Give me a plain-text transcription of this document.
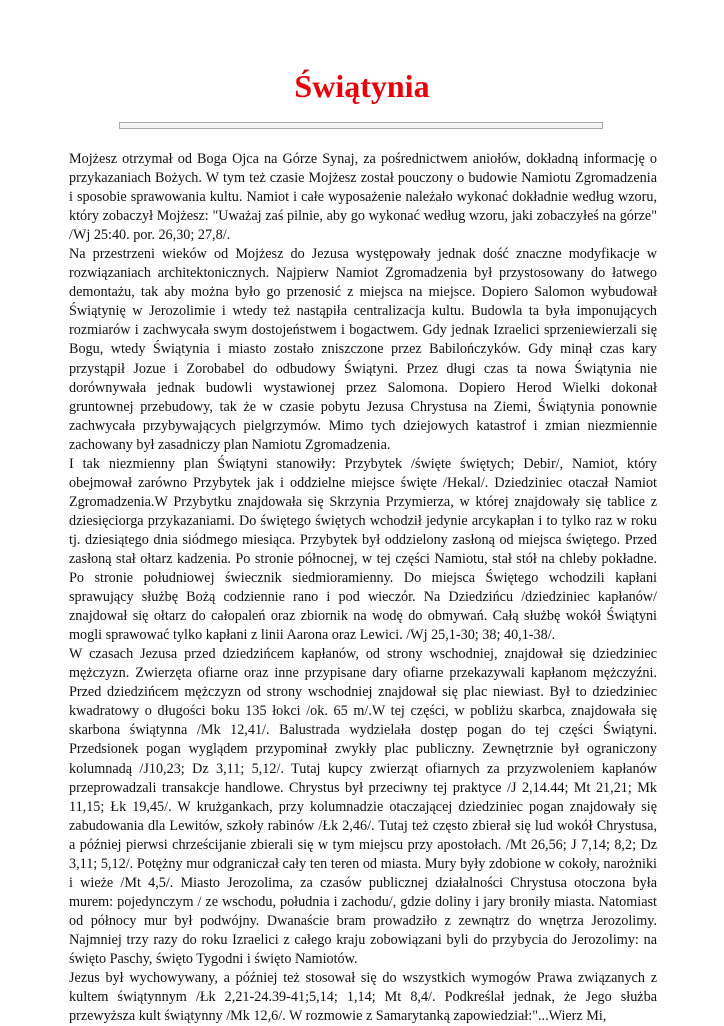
Świątynia

Mojżesz otrzymał od Boga Ojca na Górze Synaj, za pośrednictwem aniołów, dokładną informację o przykazaniach Bożych. W tym też czasie Mojżesz został pouczony o budowie Namiotu Zgromadzenia i sposobie sprawowania kultu. Namiot i całe wyposażenie należało wykonać dokładnie według wzoru, który zobaczył Mojżesz: "Uważaj zaś pilnie, aby go wykonać według wzoru, jaki zobaczyłeś na górze" /Wj 25:40. por. 26,30; 27,8/.

Na przestrzeni wieków od Mojżesz do Jezusa występowały jednak dość znaczne modyfikacje w rozwiązaniach architektonicznych. Najpierw Namiot Zgromadzenia był przystosowany do łatwego demontażu, tak aby można było go przenosić z miejsca na miejsce. Dopiero Salomon wybudował Świątynię w Jerozolimie i wtedy też nastąpiła centralizacja kultu. Budowla ta była imponujących rozmiarów i zachwycała swym dostojeństwem i bogactwem. Gdy jednak Izraelici sprzeniewierzali się Bogu, wtedy Świątynia i miasto zostało zniszczone przez Babilończyków. Gdy minął czas kary przystąpił Jozue i Zorobabel do odbudowy Świątyni. Przez długi czas ta nowa Świątynia nie dorównywała jednak budowli wystawionej przez Salomona. Dopiero Herod Wielki dokonał gruntownej przebudowy, tak że w czasie pobytu Jezusa Chrystusa na Ziemi, Świątynia ponownie zachwycała przybywających pielgrzymów. Mimo tych dziejowych katastrof i zmian niezmiennie zachowany był zasadniczy plan Namiotu Zgromadzenia.

I tak niezmienny plan Świątyni stanowiły: Przybytek /święte świętych; Debir/, Namiot, który obejmował zarówno Przybytek jak i oddzielne miejsce święte /Hekal/. Dziedziniec otaczał Namiot Zgromadzenia.W Przybytku znajdowała się Skrzynia Przymierza, w której znajdowały się tablice z dziesięciorga przykazaniami. Do świętego świętych wchodził jedynie arcykapłan i to tylko raz w roku tj. dziesiątego dnia siódmego miesiąca. Przybytek był oddzielony zasłoną od miejsca świętego. Przed zasłoną stał ołtarz kadzenia. Po stronie północnej, w tej części Namiotu, stał stół na chleby pokładne. Po stronie południowej świecznik siedmioramienny. Do miejsca Świętego wchodzili kapłani sprawujący służbę Bożą codziennie rano i pod wieczór. Na Dziedzińcu /dziedziniec kapłanów/ znajdował się ołtarz do całopaleń oraz zbiornik na wodę do obmywań. Całą służbę wokół Świątyni mogli sprawować tylko kapłani z linii Aarona oraz Lewici. /Wj 25,1-30; 38; 40,1-38/.

W czasach Jezusa przed dziedzińcem kapłanów, od strony wschodniej, znajdował się dziedziniec mężczyzn. Zwierzęta ofiarne oraz inne przypisane dary ofiarne przekazywali kapłanom mężczyźni. Przed dziedzińcem mężczyzn od strony wschodniej znajdował się plac niewiast. Był to dziedziniec kwadratowy o długości boku 135 łokci /ok. 65 m/.W tej części, w pobliżu skarbca, znajdowała się skarbona świątynna /Mk 12,41/. Balustrada wydzielała dostęp pogan do tej części Świątyni. Przedsionek pogan wyglądem przypominał zwykły plac publiczny. Zewnętrznie był ograniczony kolumnadą /J10,23; Dz 3,11; 5,12/. Tutaj kupcy zwierząt ofiarnych za przyzwoleniem kapłanów przeprowadzali transakcje handlowe. Chrystus był przeciwny tej praktyce /J 2,14.44; Mt 21,21; Mk 11,15; Łk 19,45/. W krużgankach, przy kolumnadzie otaczającej dziedziniec pogan znajdowały się zabudowania dla Lewitów, szkoły rabinów /Łk 2,46/. Tutaj też często zbierał się lud wokół Chrystusa, a później pierwsi chrześcijanie zbierali się w tym miejscu przy apostołach. /Mt 26,56; J 7,14; 8,2; Dz 3,11; 5,12/. Potężny mur odgraniczał cały ten teren od miasta. Mury były zdobione w cokoły, narożniki i wieże /Mt 4,5/. Miasto Jerozolima, za czasów publicznej działalności Chrystusa otoczona była murem: pojedynczym / ze wschodu, południa i zachodu/, gdzie doliny i jary broniły miasta. Natomiast od północy mur był podwójny. Dwanaście bram prowadziło z zewnątrz do wnętrza Jerozolimy. Najmniej trzy razy do roku Izraelici z całego kraju zobowiązani byli do przybycia do Jerozolimy: na święto Paschy, święto Tygodni i święto Namiotów.

Jezus był wychowywany, a później też stosował się do wszystkich wymogów Prawa związanych z kultem świątynnym /Łk 2,21-24.39-41;5,14; 1,14; Mt 8,4/. Podkreślał jednak, że Jego służba przewyższa kult świątynny /Mk 12,6/. W rozmowie z Samarytanką zapowiedział:"...Wierz Mi,
